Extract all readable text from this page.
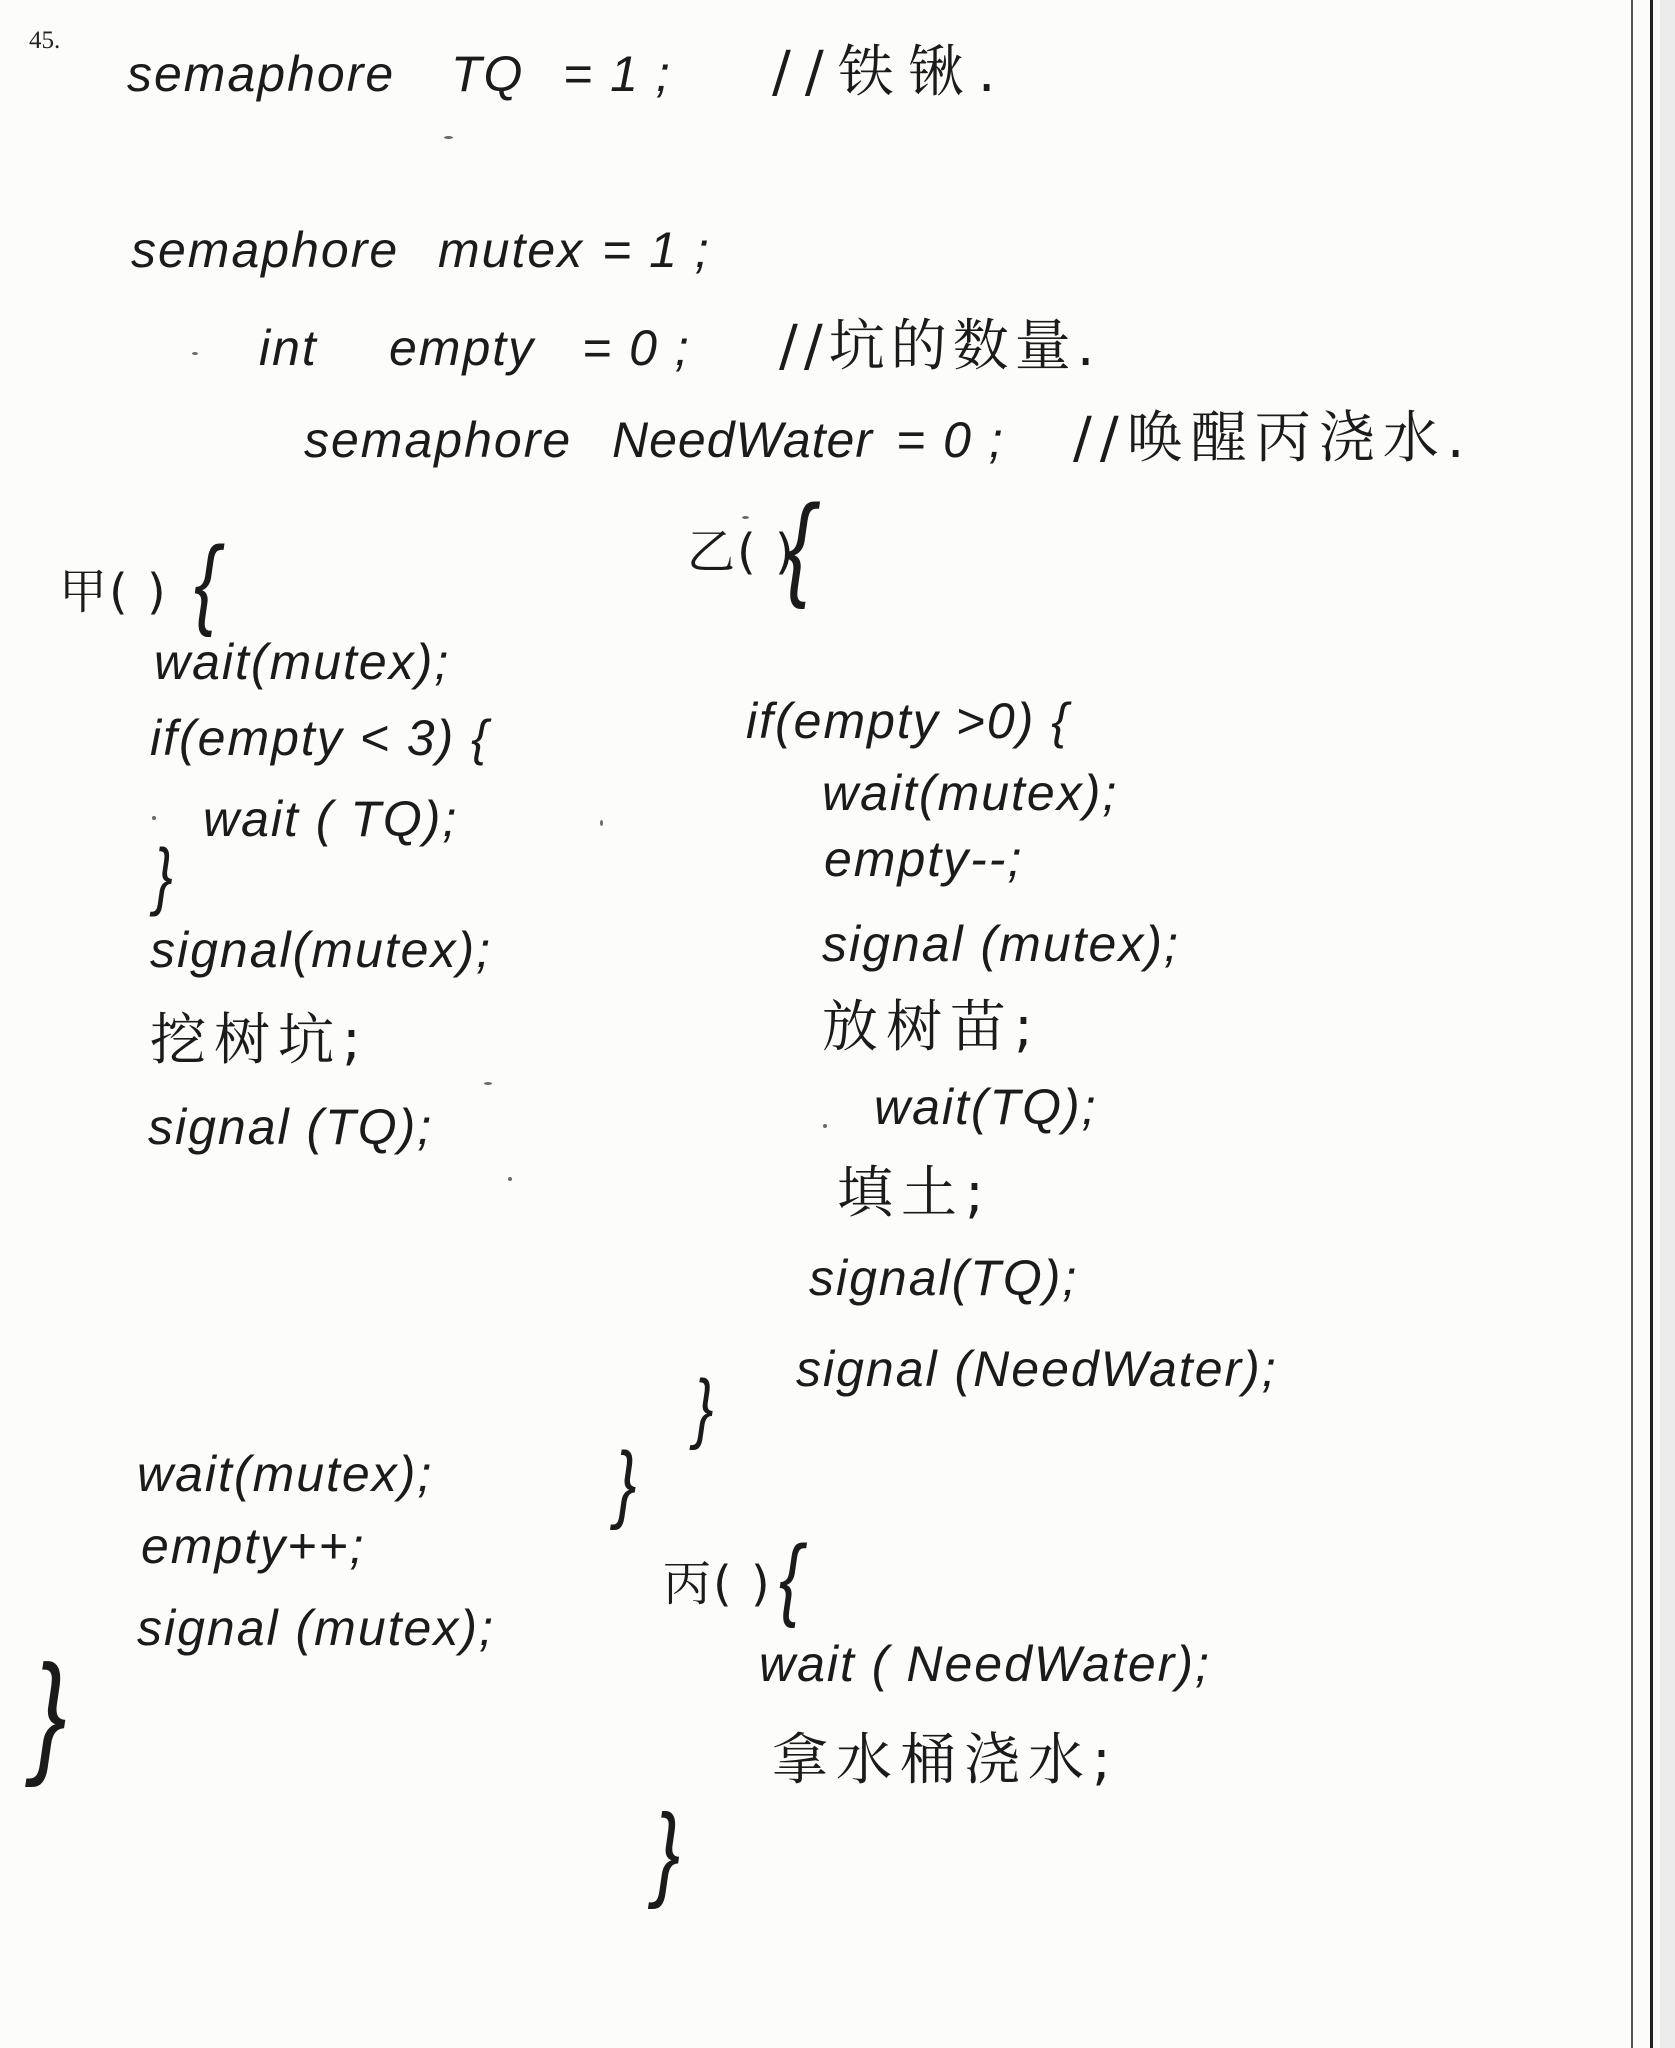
45.
semaphore TQ = 1 ; //铁锹.
semaphore mutex = 1 ;
int empty = 0 ; //坑的数量.
semaphore NeedWater = 0 ; //唤醒丙浇水.
甲( ) {
wait(mutex);
if(empty < 3) {
wait ( TQ);
}
signal(mutex);
挖树坑;
signal (TQ);
wait(mutex);
empty++;
signal (mutex);
}
乙( )
{
if(empty >0) {
wait(mutex);
empty--;
signal (mutex);
放树苗;
wait(TQ);
填土;
signal(TQ);
signal (NeedWater);
}
}
丙( ) {
wait ( NeedWater);
拿水桶浇水;
}
